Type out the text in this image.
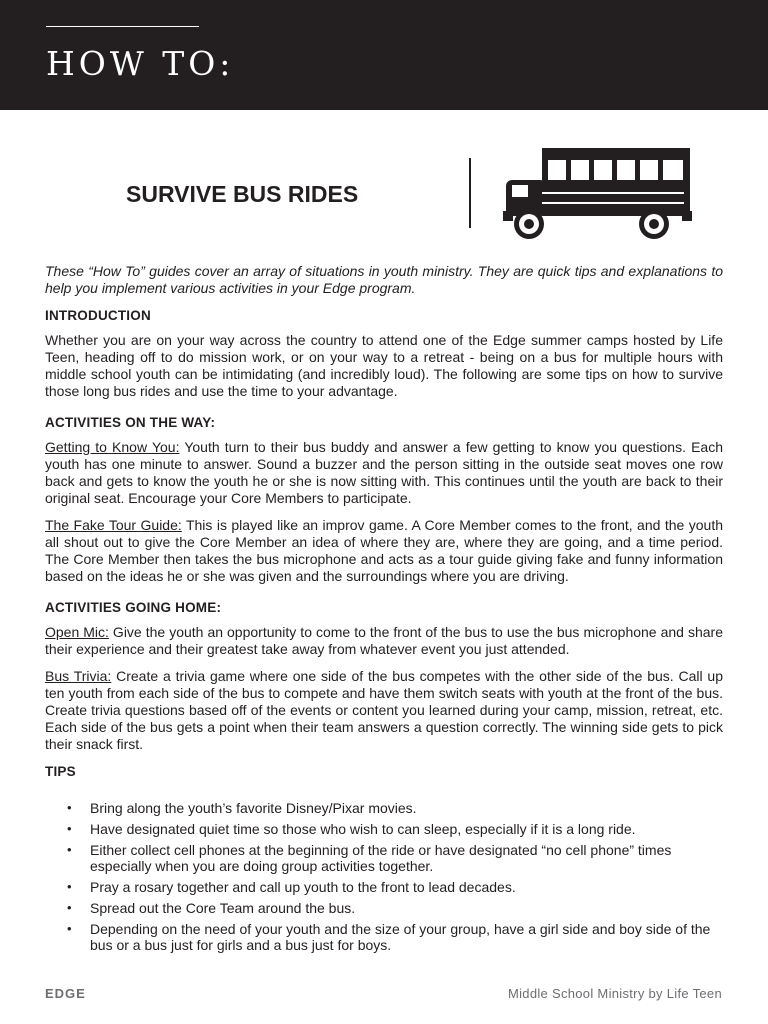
HOW TO:
SURVIVE BUS RIDES

These “How To” guides cover an array of situations in youth ministry. They are quick tips and explanations to help you implement various activities in your Edge program.

INTRODUCTION

Whether you are on your way across the country to attend one of the Edge summer camps hosted by Life Teen, heading off to do mission work, or on your way to a retreat - being on a bus for multiple hours with middle school youth can be intimidating (and incredibly loud). The following are some tips on how to survive those long bus rides and use the time to your advantage.

ACTIVITIES ON THE WAY:

Getting to Know You: Youth turn to their bus buddy and answer a few getting to know you questions. Each youth has one minute to answer. Sound a buzzer and the person sitting in the outside seat moves one row back and gets to know the youth he or she is now sitting with. This continues until the youth are back to their original seat. Encourage your Core Members to participate.

The Fake Tour Guide: This is played like an improv game. A Core Member comes to the front, and the youth all shout out to give the Core Member an idea of where they are, where they are going, and a time period. The Core Member then takes the bus microphone and acts as a tour guide giving fake and funny information based on the ideas he or she was given and the surroundings where you are driving.

ACTIVITIES GOING HOME:

Open Mic: Give the youth an opportunity to come to the front of the bus to use the bus microphone and share their experience and their greatest take away from whatever event you just attended.

Bus Trivia: Create a trivia game where one side of the bus competes with the other side of the bus. Call up ten youth from each side of the bus to compete and have them switch seats with youth at the front of the bus. Create trivia questions based off of the events or content you learned during your camp, mission, retreat, etc. Each side of the bus gets a point when their team answers a question correctly. The winning side gets to pick their snack first.

TIPS

• Bring along the youth’s favorite Disney/Pixar movies.
• Have designated quiet time so those who wish to can sleep, especially if it is a long ride.
• Either collect cell phones at the beginning of the ride or have designated “no cell phone” times especially when you are doing group activities together.
• Pray a rosary together and call up youth to the front to lead decades.
• Spread out the Core Team around the bus.
• Depending on the need of your youth and the size of your group, have a girl side and boy side of the bus or a bus just for girls and a bus just for boys.
EDGE	Middle School Ministry by Life Teen
